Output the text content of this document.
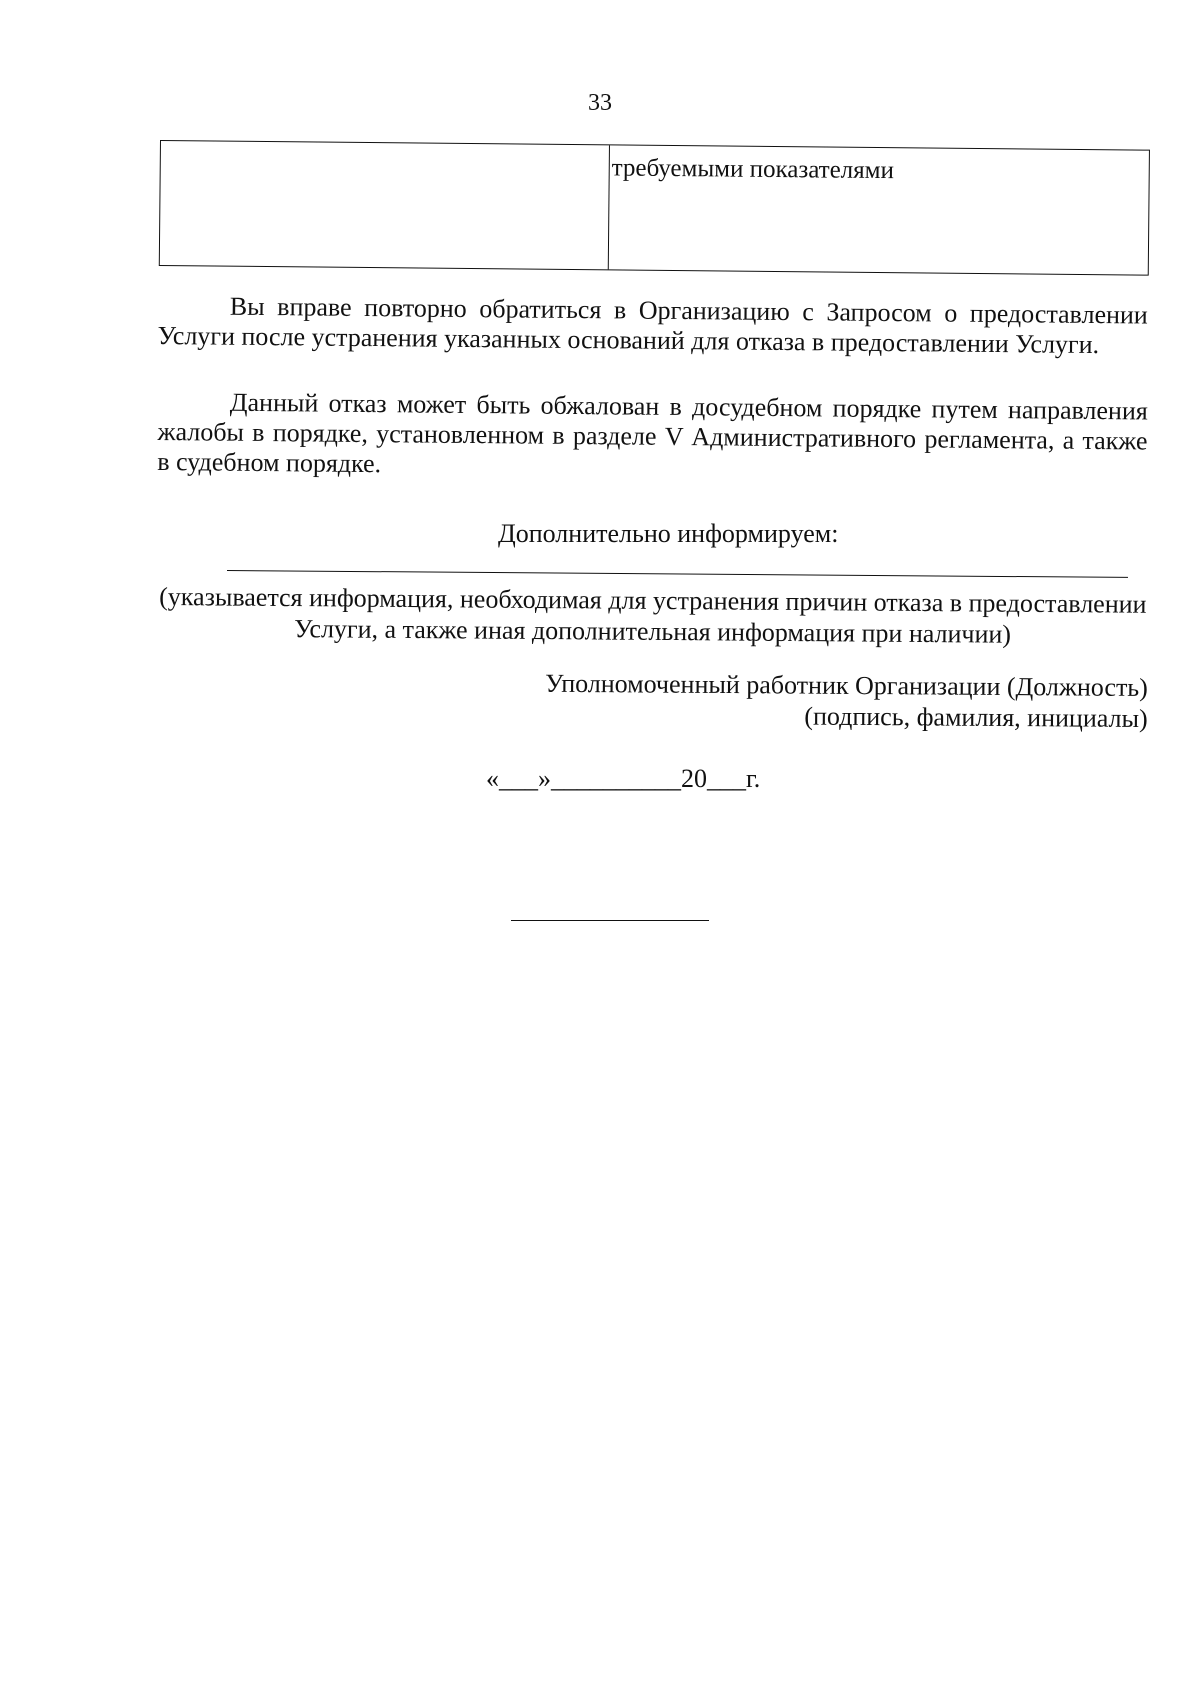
33
требуемыми показателями
Вы вправе повторно обратиться в Организацию с Запросом о предоставлении Услуги после устранения указанных оснований для отказа в предоставлении Услуги.
Данный отказ может быть обжалован в досудебном порядке путем направления жалобы в порядке, установленном в разделе V Административного регламента, а также в судебном порядке.
Дополнительно информируем:
(указывается информация, необходимая для устранения причин отказа в предоставлении Услуги, а также иная дополнительная информация при наличии)
Уполномоченный работник Организации (Должность)
(подпись, фамилия, инициалы)
«___»__________20___г.
